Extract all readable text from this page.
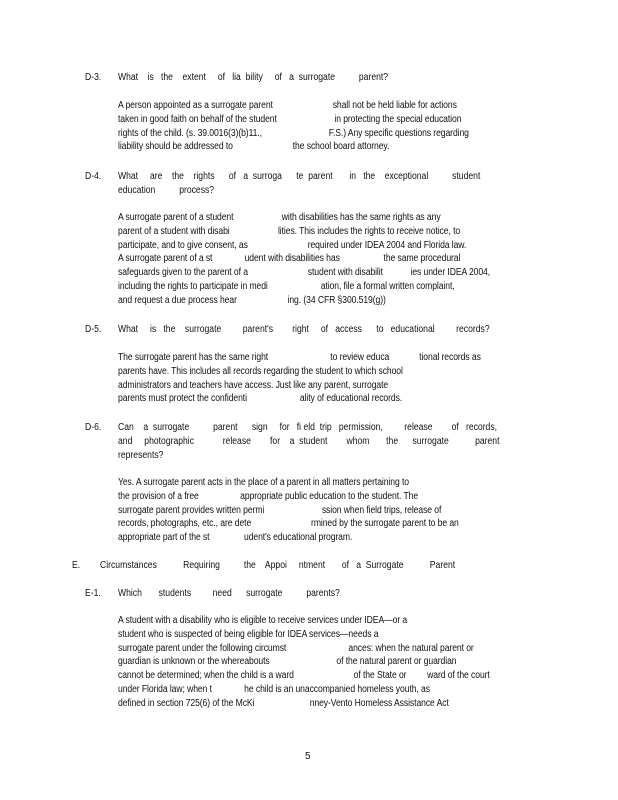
D-3. What    is   the    extent     of   lia  bility     of   a  surrogate          parent?
A person appointed as a surrogate parent                          shall not be held liable for actions
taken in good faith on behalf of the student                         in protecting the special education
rights of the child. (s. 39.0016(3)(b)11.,                             F.S.) Any specific questions regarding
liability should be addressed to                          the school board attorney.
D-4. What     are    the    rights      of   a  surroga      te  parent       in   the    exceptional          student
education          process?
A surrogate parent of a student                     with disabilities has the same rights as any
parent of a student with disabi                     lities. This includes the rights to receive notice, to
participate, and to give consent, as                          required under IDEA 2004 and Florida law.
A surrogate parent of a st              udent with disabilities has                   the same procedural
safeguards given to the parent of a                          student with disabilit            ies under IDEA 2004,
including the rights to participate in medi                       ation, file a formal written complaint,
and request a due process hear                      ing. (34 CFR §300.519(g))
D-5. What     is   the    surrogate         parent's        right     of   access      to   educational         records?
The surrogate parent has the same right                           to review educa             tional records as
parents have. This includes all records regarding the student to which school
administrators and teachers have access. Just like any parent, surrogate
parents must protect the confidenti                       ality of educational records.
D-6. Can    a  surrogate          parent      sign     for   fi eld  trip   permission,         release        of   records,
and     photographic            release        for    a  student        whom       the      surrogate           parent
represents?
Yes. A surrogate parent acts in the place of a parent in all matters pertaining to
the provision of a free                  appropriate public education to the student. The
surrogate parent provides written permi                         ssion when field trips, release of
records, photographs, etc., are dete                          rmined by the surrogate parent to be an
appropriate part of the st               udent's educational program.
E. Circumstances           Requiring          the    Appoi     ntment       of   a  Surrogate           Parent
E-1. Which       students         need      surrogate          parents?
A student with a disability who is eligible to receive services under IDEA—or a
student who is suspected of being eligible for IDEA services—needs a
surrogate parent under the following circumst                           ances: when the natural parent or
guardian is unknown or the whereabouts                             of the natural parent or guardian
cannot be determined; when the child is a ward                          of the State or         ward of the court
under Florida law; when t              he child is an unaccompanied homeless youth, as
defined in section 725(6) of the McKi                        nney-Vento Homeless Assistance Act
5
